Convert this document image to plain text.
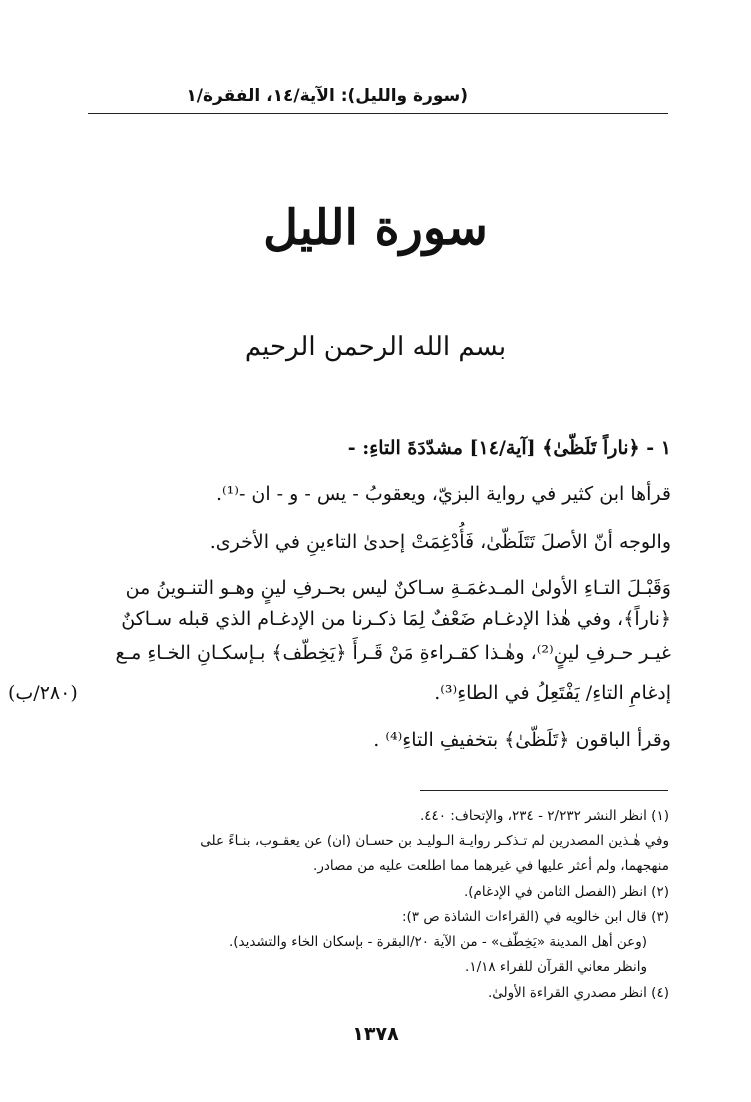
(سورة والليل): الآية/١٤، الفقرة/١
سورة الليل
بسم الله الرحمن الرحيم
١ - ﴿ناراً تَلَظّىٰ﴾ [آية/١٤] مشدّدَةَ التاءِ: -
قرأها ابن كثير في رواية البزيّ، ويعقوبُ - يس - و - ان -⁽¹⁾.
والوجه أنّ الأصلَ تَتَلَظّىٰ، فَأُدْغِمَتْ إحدىٰ التاءينِ في الأخرى.
وَقَبْـلَ التـاءِ الأولىٰ المـدغمَـةِ سـاكنٌ ليس بحـرفِ لينٍ وهـو التنـوينُ من
﴿ناراً﴾، وفي هٰذا الإدغـام ضَعْفٌ لِمَا ذكـرنا من الإدغـام الذي قبله سـاكنٌ
غيـر حـرفِ لينٍ⁽²⁾، وهٰـذا كقـراءةِ مَنْ قَـرأَ ﴿يَخِطّف﴾ بـإسكـانِ الخـاءِ مـع
إدغامِ التاءِ/ يَفْتَعِلُ في الطاءِ⁽³⁾.
(٢٨٠/ب)
وقرأ الباقون ﴿تَلَظّىٰ﴾ بتخفيفِ التاءِ⁽⁴⁾ .
(١) انظر النشر ٢/٢٣٢ - ٢٣٤، والإتحاف: ٤٤٠.
وفي هٰـذين المصدرين لم تـذكـر روايـة الـوليـد بن حسـان (ان) عن يعقـوب، بنـاءً على
منهجهما، ولم أعثر عليها في غيرهما مما اطلعت عليه من مصادر.
(٢) انظر (الفصل الثامن في الإدغام).
(٣) قال ابن خالويه في (القراءات الشاذة ص ٣):
(وعن أهل المدينة «يَخِطّف» - من الآية ٢٠/البقرة - بإسكان الخاء والتشديد).
وانظر معاني القرآن للفراء ١/١٨.
(٤) انظر مصدري القراءة الأولىٰ.
١٣٧٨
